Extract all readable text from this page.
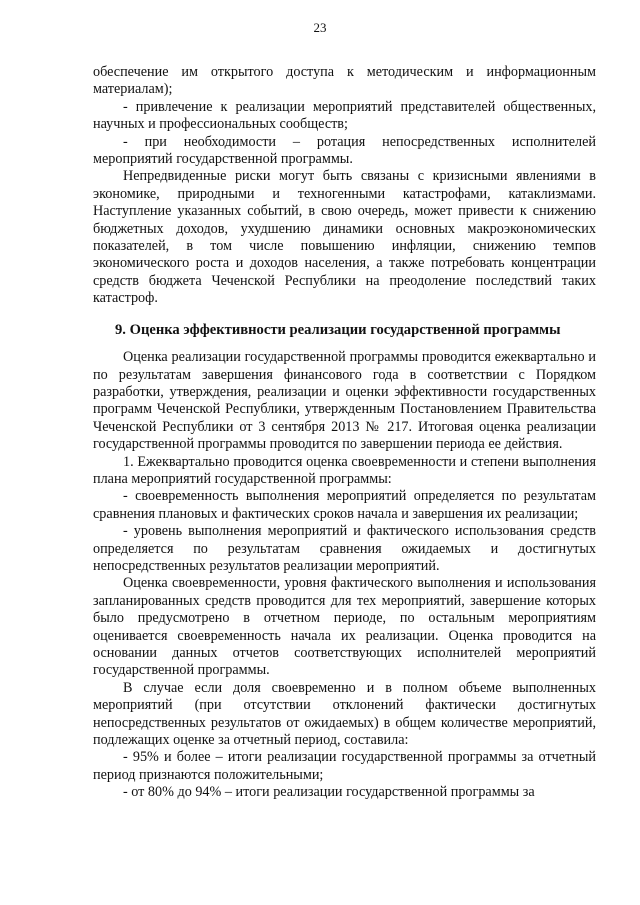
23

обеспечение им открытого доступа к методическим и информационным материалам);

- привлечение к реализации мероприятий представителей общественных, научных и профессиональных сообществ;

- при необходимости – ротация непосредственных исполнителей мероприятий государственной программы.

Непредвиденные риски могут быть связаны с кризисными явлениями в экономике, природными и техногенными катастрофами, катаклизмами. Наступление указанных событий, в свою очередь, может привести к снижению бюджетных доходов, ухудшению динамики основных макроэкономических показателей, в том числе повышению инфляции, снижению темпов экономического роста и доходов населения, а также потребовать концентрации средств бюджета Чеченской Республики на преодоление последствий таких катастроф.

9. Оценка эффективности реализации государственной программы

Оценка реализации государственной программы проводится ежеквартально и по результатам завершения финансового года в соответствии с Порядком разработки, утверждения, реализации и оценки эффективности государственных программ Чеченской Республики, утвержденным Постановлением Правительства Чеченской Республики от 3 сентября 2013 № 217. Итоговая оценка реализации государственной программы проводится по завершении периода ее действия.

1. Ежеквартально проводится оценка своевременности и степени выполнения плана мероприятий государственной программы:

- своевременность выполнения мероприятий определяется по результатам сравнения плановых и фактических сроков начала и завершения их реализации;

- уровень выполнения мероприятий и фактического использования средств определяется по результатам сравнения ожидаемых и достигнутых непосредственных результатов реализации мероприятий.

Оценка своевременности, уровня фактического выполнения и использования запланированных средств проводится для тех мероприятий, завершение которых было предусмотрено в отчетном периоде, по остальным мероприятиям оценивается своевременность начала их реализации. Оценка проводится на основании данных отчетов соответствующих исполнителей мероприятий государственной программы.

В случае если доля своевременно и в полном объеме выполненных мероприятий (при отсутствии отклонений фактически достигнутых непосредственных результатов от ожидаемых) в общем количестве мероприятий, подлежащих оценке за отчетный период, составила:

- 95% и более – итоги реализации государственной программы за отчетный период признаются положительными;

- от 80% до 94% – итоги реализации государственной программы за
